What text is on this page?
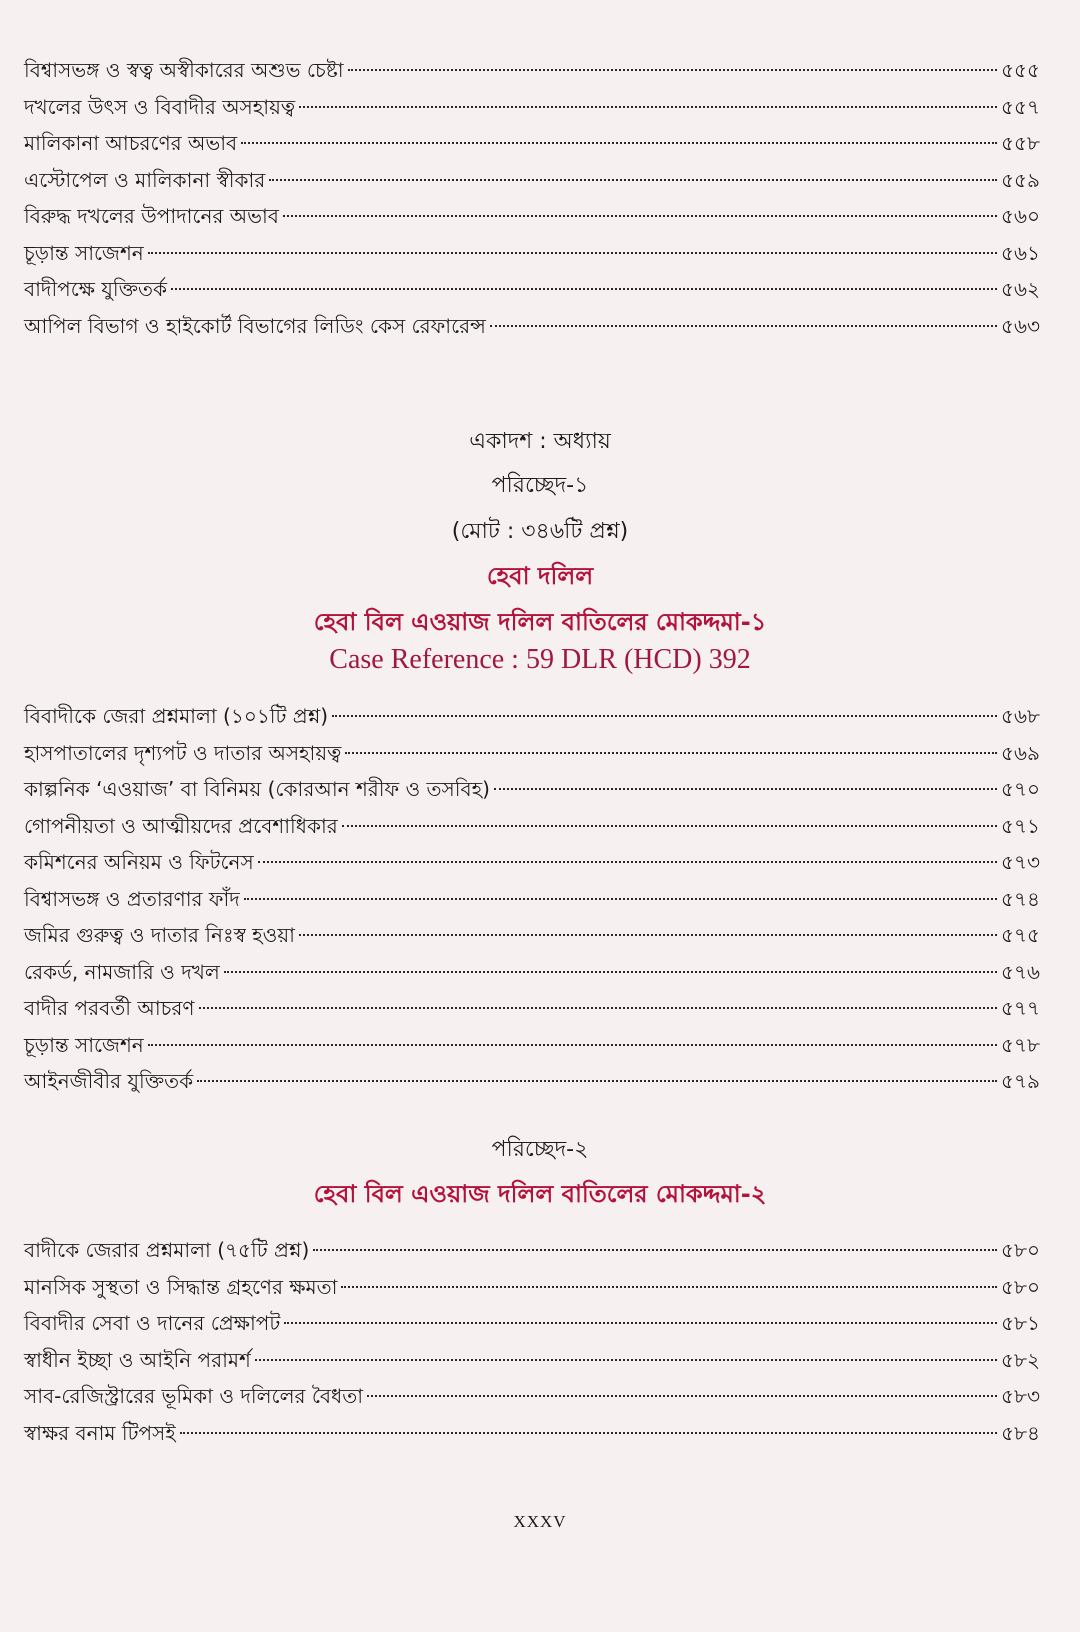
বিশ্বাসভঙ্গ ও স্বত্ব অস্বীকারের অশুভ চেষ্টা	৫৫৫
দখলের উৎস ও বিবাদীর অসহায়ত্ব	৫৫৭
মালিকানা আচরণের অভাব	৫৫৮
এস্টোপেল ও মালিকানা স্বীকার	৫৫৯
বিরুদ্ধ দখলের উপাদানের অভাব	৫৬০
চূড়ান্ত সাজেশন	৫৬১
বাদীপক্ষে যুক্তিতর্ক	৫৬২
আপিল বিভাগ ও হাইকোর্ট বিভাগের লিডিং কেস রেফারেন্স	৫৬৩
একাদশ : অধ্যায়
পরিচ্ছেদ-১
(মোট : ৩৪৬টি প্রশ্ন)
হেবা দলিল
হেবা বিল এওয়াজ দলিল বাতিলের মোকদ্দমা-১
Case Reference : 59 DLR (HCD) 392
বিবাদীকে জেরা প্রশ্নমালা (১০১টি প্রশ্ন)	৫৬৮
হাসপাতালের দৃশ্যপট ও দাতার অসহায়ত্ব	৫৬৯
কাল্পনিক ‘এওয়াজ’ বা বিনিময় (কোরআন শরীফ ও তসবিহ)	৫৭০
গোপনীয়তা ও আত্মীয়দের প্রবেশাধিকার	৫৭১
কমিশনের অনিয়ম ও ফিটনেস	৫৭৩
বিশ্বাসভঙ্গ ও প্রতারণার ফাঁদ	৫৭৪
জমির গুরুত্ব ও দাতার নিঃস্ব হওয়া	৫৭৫
রেকর্ড, নামজারি ও দখল	৫৭৬
বাদীর পরবর্তী আচরণ	৫৭৭
চূড়ান্ত সাজেশন	৫৭৮
আইনজীবীর যুক্তিতর্ক	৫৭৯
পরিচ্ছেদ-২
হেবা বিল এওয়াজ দলিল বাতিলের মোকদ্দমা-২
বাদীকে জেরার প্রশ্নমালা (৭৫টি প্রশ্ন)	৫৮০
মানসিক সুস্থতা ও সিদ্ধান্ত গ্রহণের ক্ষমতা	৫৮০
বিবাদীর সেবা ও দানের প্রেক্ষাপট	৫৮১
স্বাধীন ইচ্ছা ও আইনি পরামর্শ	৫৮২
সাব-রেজিস্ট্রারের ভূমিকা ও দলিলের বৈধতা	৫৮৩
স্বাক্ষর বনাম টিপসই	৫৮৪
XXXV
